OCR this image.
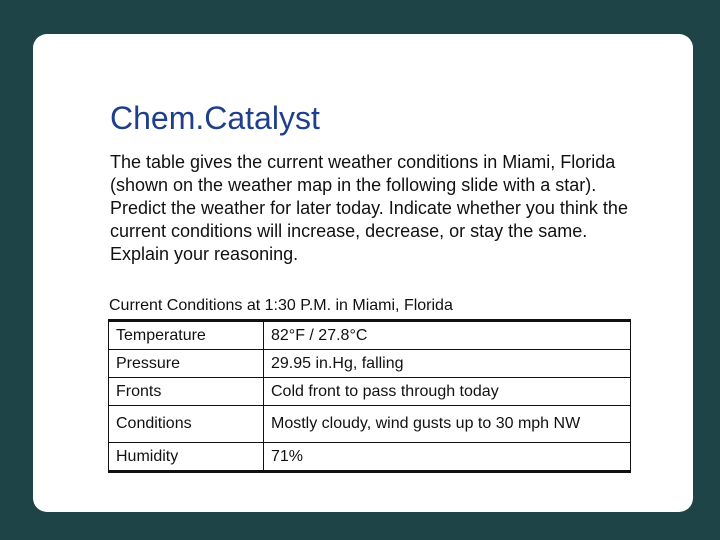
Chem.Catalyst

The table gives the current weather conditions in Miami, Florida (shown on the weather map in the following slide with a star). Predict the weather for later today. Indicate whether you think the current conditions will increase, decrease, or stay the same. Explain your reasoning.

Current Conditions at 1:30 P.M. in Miami, Florida

Temperature	82°F / 27.8°C
Pressure	29.95 in.Hg, falling
Fronts	Cold front to pass through today
Conditions	Mostly cloudy, wind gusts up to 30 mph NW
Humidity	71%
